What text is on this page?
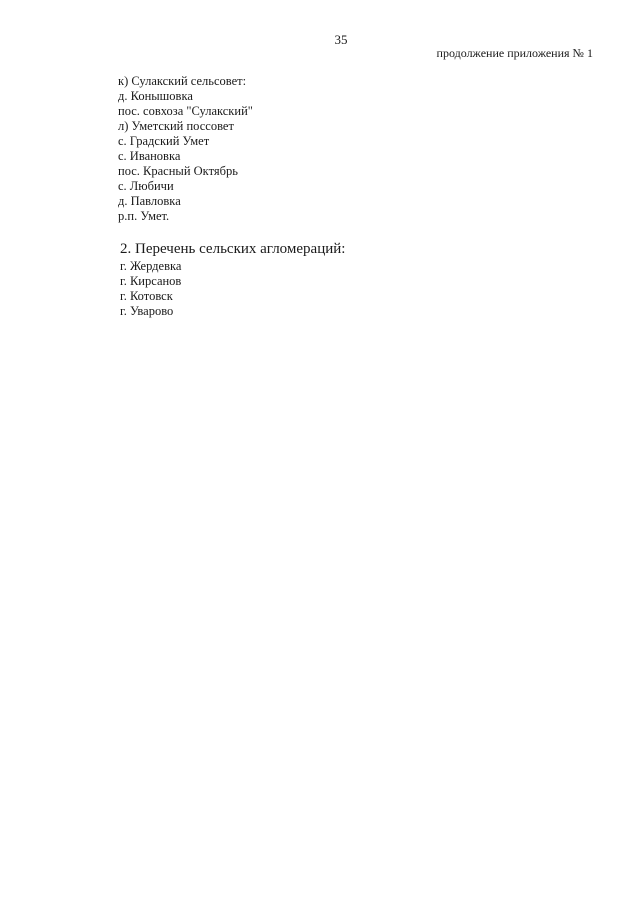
35
продолжение приложения № 1
к) Сулакский сельсовет:
д. Конышовка
пос. совхоза "Сулакский"
л) Уметский поссовет
с. Градский Умет
с. Ивановка
пос. Красный Октябрь
с. Любичи
д. Павловка
р.п. Умет.
2. Перечень сельских агломераций:
г. Жердевка
г. Кирсанов
г. Котовск
г. Уварово
